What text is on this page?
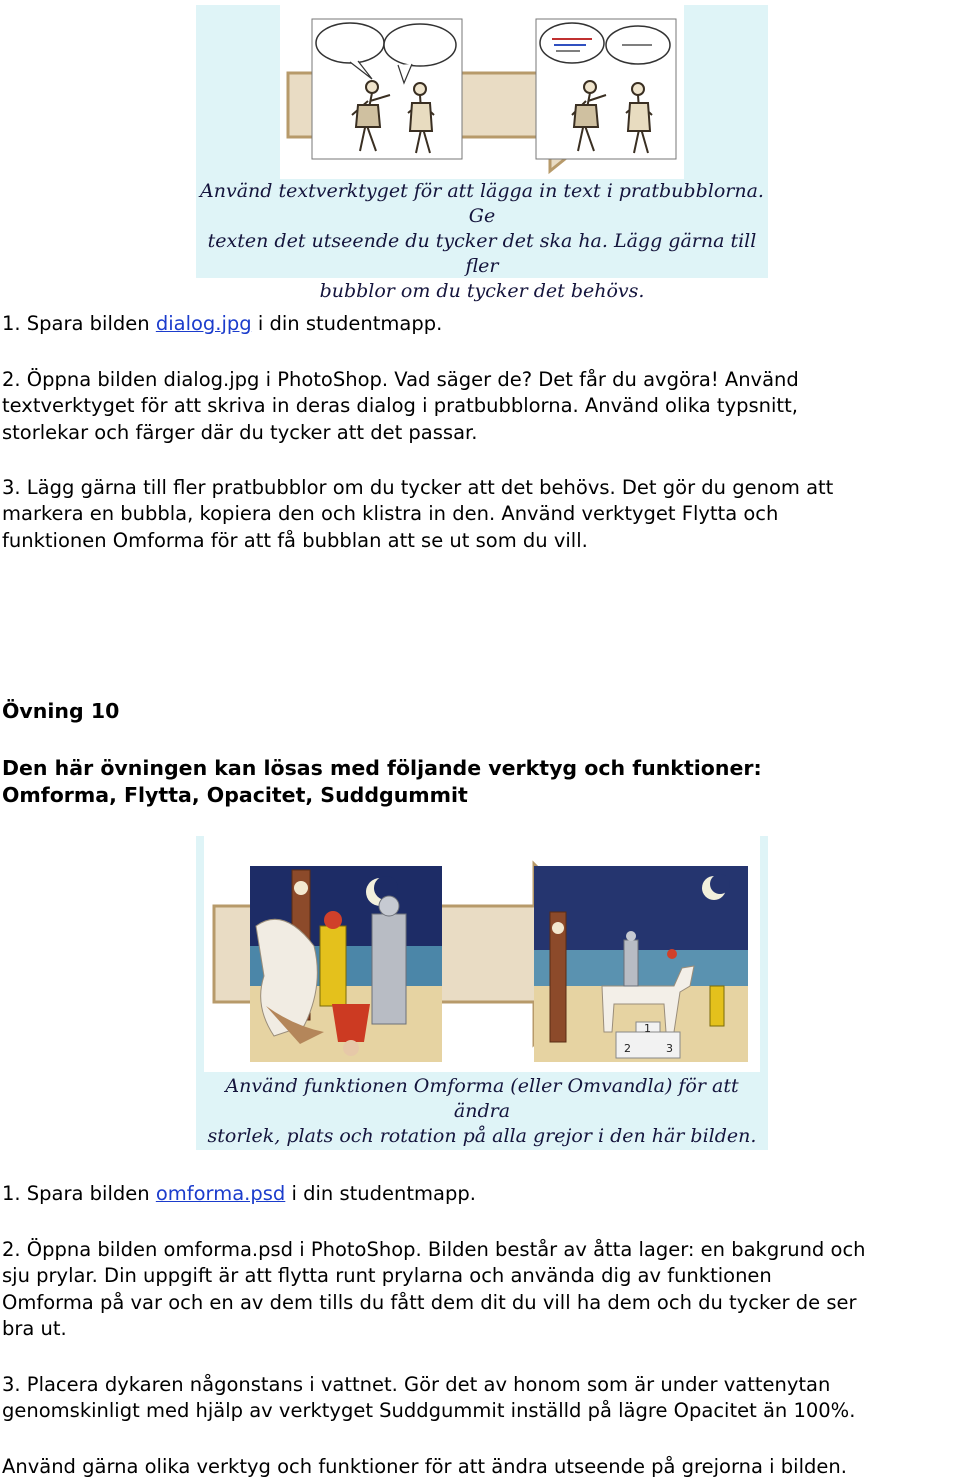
Använd textverktyget för att lägga in text i pratbubblorna. Ge
texten det utseende du tycker det ska ha. Lägg gärna till fler
bubblor om du tycker det behövs.

1. Spara bilden dialog.jpg i din studentmapp.

2. Öppna bilden dialog.jpg i PhotoShop. Vad säger de? Det får du avgöra! Använd
textverktyget för att skriva in deras dialog i pratbubblorna. Använd olika typsnitt,
storlekar och färger där du tycker att det passar.
3. Lägg gärna till fler pratbubblor om du tycker att det behövs. Det gör du genom att
markera en bubbla, kopiera den och klistra in den. Använd verktyget Flytta och
funktionen Omforma för att få bubblan att se ut som du vill.
Övning 10
Den här övningen kan lösas med följande verktyg och funktioner:
Omforma, Flytta, Opacitet, Suddgummit
2
1
3
Använd funktionen Omforma (eller Omvandla) för att ändra
storlek, plats och rotation på alla grejor i den här bilden.

1. Spara bilden omforma.psd i din studentmapp.

2. Öppna bilden omforma.psd i PhotoShop. Bilden består av åtta lager: en bakgrund och
sju prylar. Din uppgift är att flytta runt prylarna och använda dig av funktionen
Omforma på var och en av dem tills du fått dem dit du vill ha dem och du tycker de ser
bra ut.
3. Placera dykaren någonstans i vattnet. Gör det av honom som är under vattenytan
genomskinligt med hjälp av verktyget Suddgummit inställd på lägre Opacitet än 100%.

Använd gärna olika verktyg och funktioner för att ändra utseende på grejorna i bilden.
